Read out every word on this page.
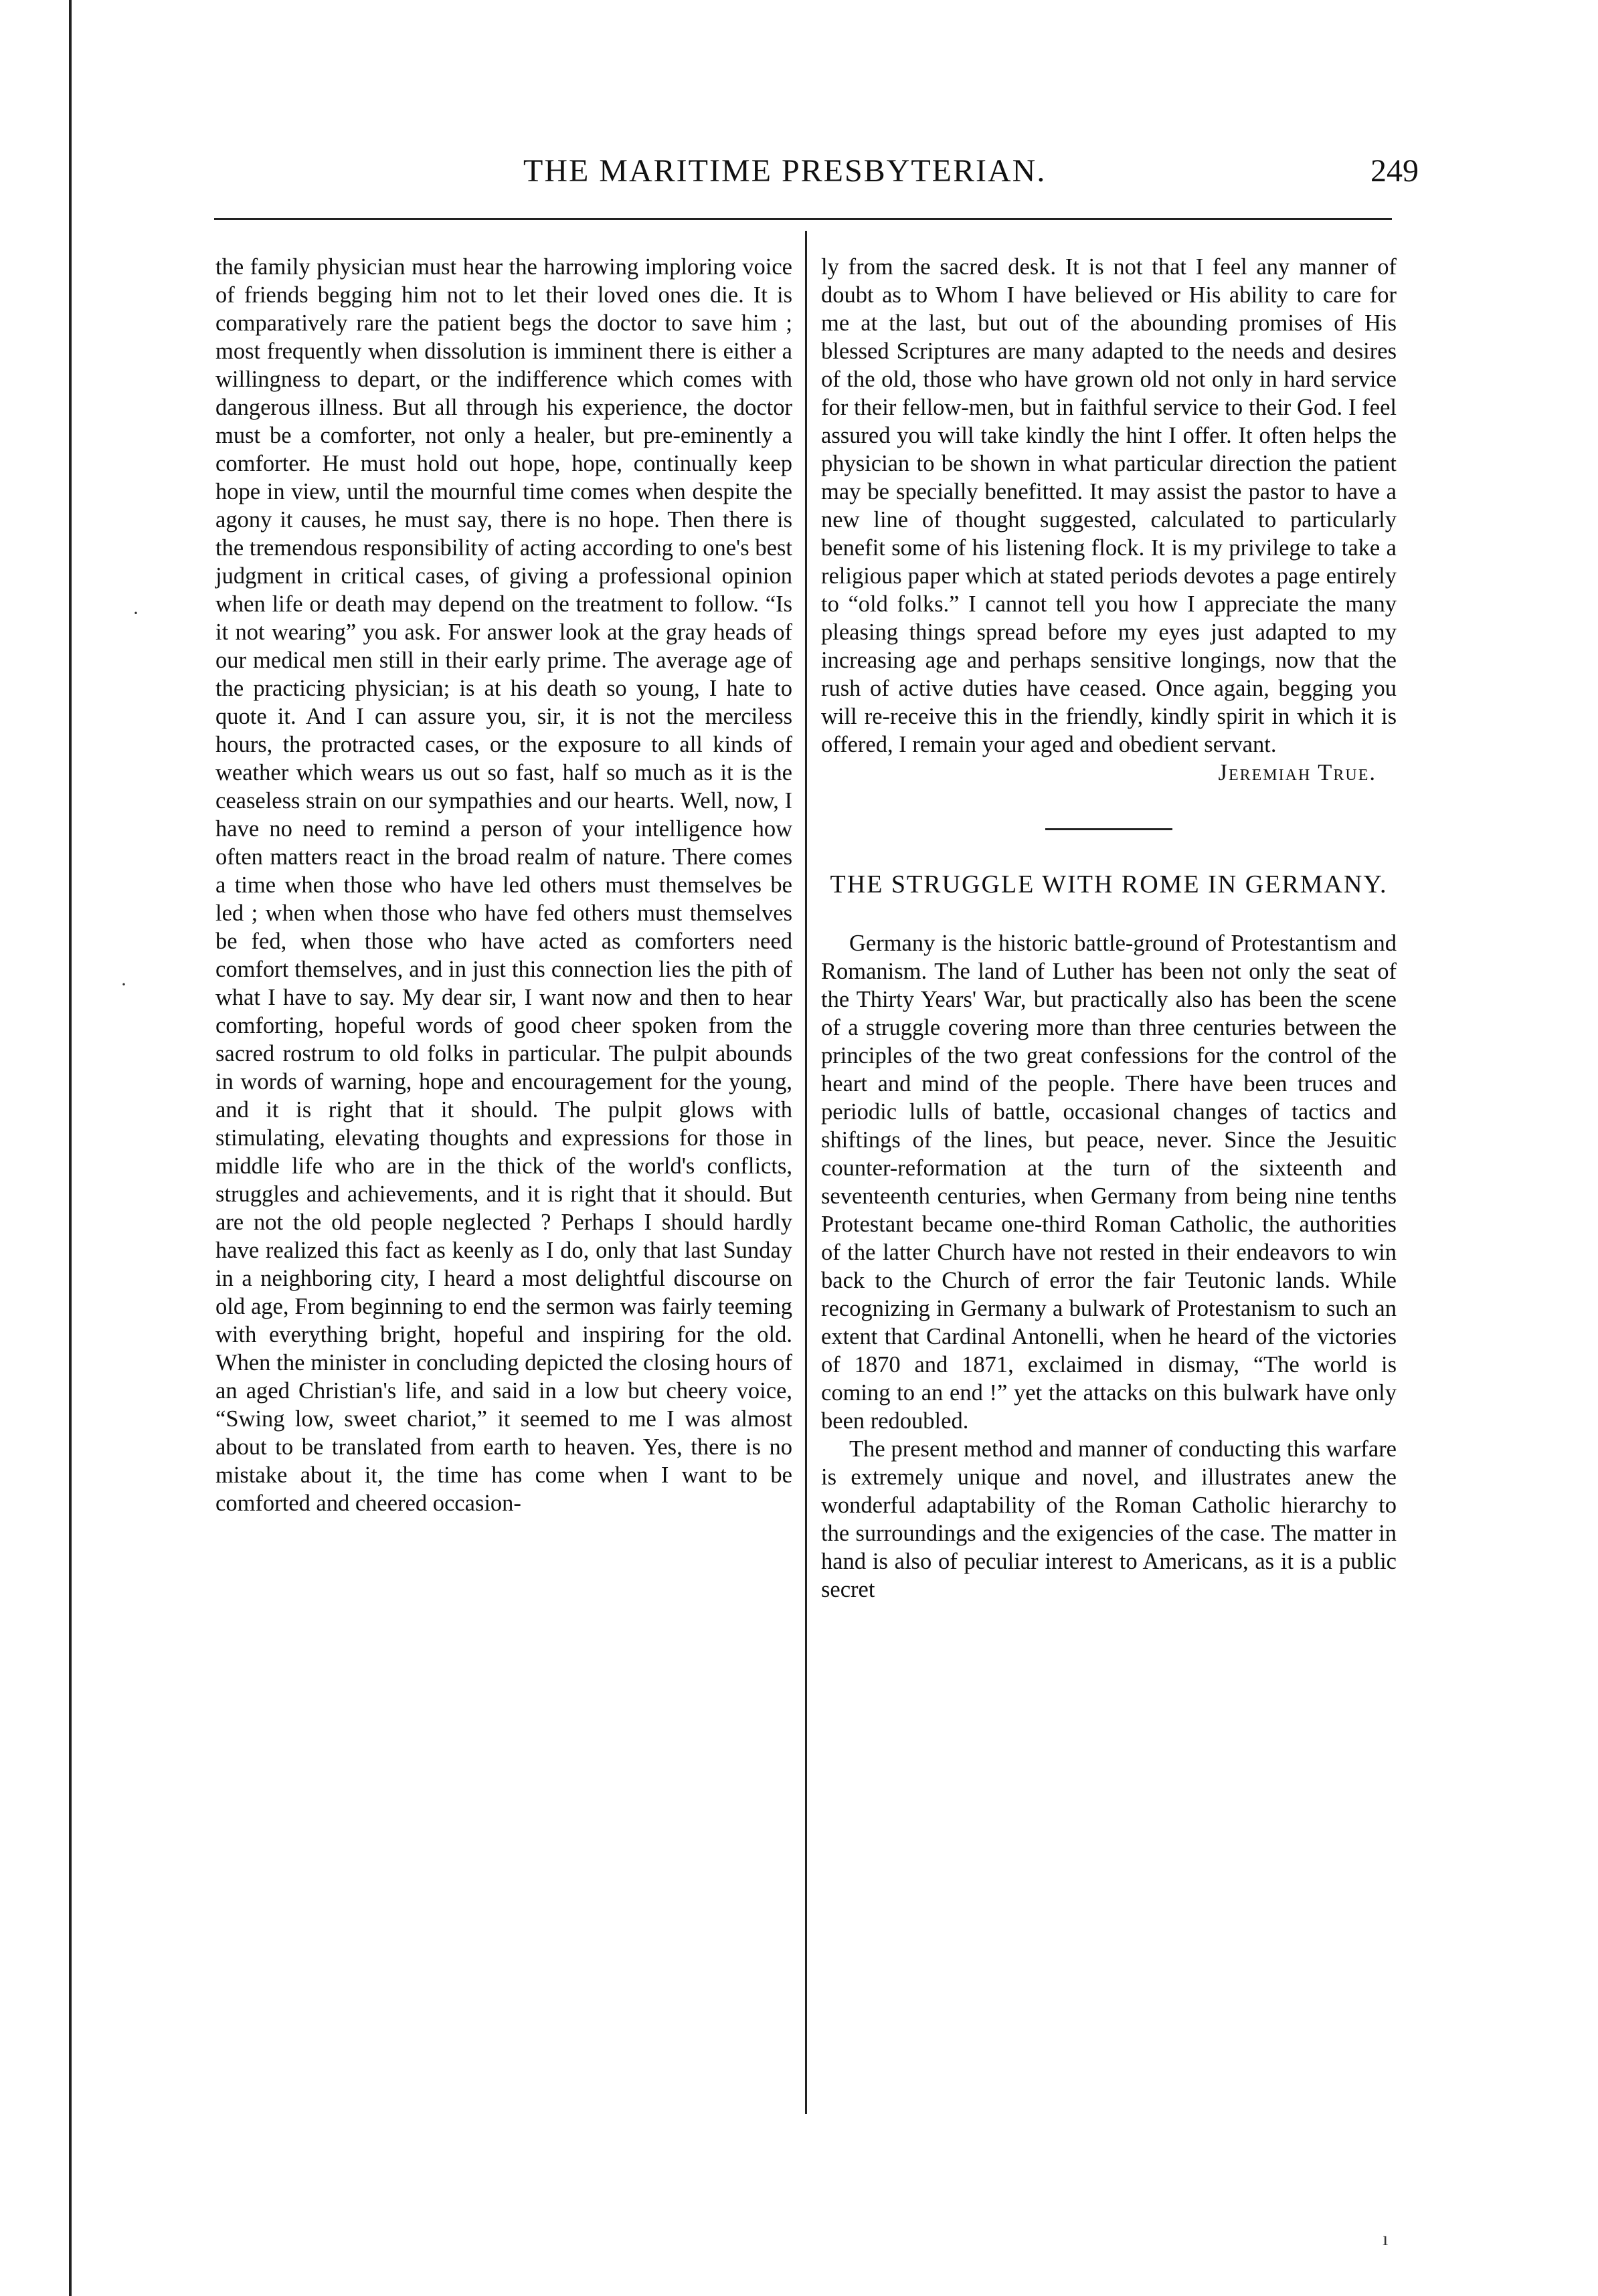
THE MARITIME PRESBYTERIAN.	249

the family physician must hear the harrowing imploring voice of friends begging him not to let their loved ones die. It is comparatively rare the patient begs the doctor to save him ; most frequently when dissolution is imminent there is either a willingness to depart, or the indifference which comes with dangerous illness. But all through his experience, the doctor must be a comforter, not only a healer, but pre-eminently a comforter. He must hold out hope, hope, continually keep hope in view, until the mournful time comes when despite the agony it causes, he must say, there is no hope. Then there is the tremendous responsibility of acting according to one's best judgment in critical cases, of giving a professional opinion when life or death may depend on the treatment to follow. “Is it not wearing” you ask. For answer look at the gray heads of our medical men still in their early prime. The average age of the practicing physician; is at his death so young, I hate to quote it. And I can assure you, sir, it is not the merciless hours, the protracted cases, or the exposure to all kinds of weather which wears us out so fast, half so much as it is the ceaseless strain on our sympathies and our hearts. Well, now, I have no need to remind a person of your intelligence how often matters react in the broad realm of nature. There comes a time when those who have led others must themselves be led ; when when those who have fed others must themselves be fed, when those who have acted as comforters need comfort themselves, and in just this connection lies the pith of what I have to say. My dear sir, I want now and then to hear comforting, hopeful words of good cheer spoken from the sacred rostrum to old folks in particular. The pulpit abounds in words of warning, hope and encouragement for the young, and it is right that it should. The pulpit glows with stimulating, elevating thoughts and expressions for those in middle life who are in the thick of the world's conflicts, struggles and achievements, and it is right that it should. But are not the old people neglected ? Perhaps I should hardly have realized this fact as keenly as I do, only that last Sunday in a neighboring city, I heard a most delightful discourse on old age, From beginning to end the sermon was fairly teeming with everything bright, hopeful and inspiring for the old. When the minister in concluding depicted the closing hours of an aged Christian's life, and said in a low but cheery voice, “Swing low, sweet chariot,” it seemed to me I was almost about to be translated from earth to heaven. Yes, there is no mistake about it, the time has come when I want to be comforted and cheered occasion-

ly from the sacred desk. It is not that I feel any manner of doubt as to Whom I have believed or His ability to care for me at the last, but out of the abounding promises of His blessed Scriptures are many adapted to the needs and desires of the old, those who have grown old not only in hard service for their fellow-men, but in faithful service to their God. I feel assured you will take kindly the hint I offer. It often helps the physician to be shown in what particular direction the patient may be specially benefitted. It may assist the pastor to have a new line of thought suggested, calculated to particularly benefit some of his listening flock. It is my privilege to take a religious paper which at stated periods devotes a page entirely to “old folks.” I cannot tell you how I appreciate the many pleasing things spread before my eyes just adapted to my increasing age and perhaps sensitive longings, now that the rush of active duties have ceased. Once again, begging you will re-receive this in the friendly, kindly spirit in which it is offered, I remain your aged and obedient servant.

Jeremiah True.

THE STRUGGLE WITH ROME IN GERMANY.

Germany is the historic battle-ground of Protestantism and Romanism. The land of Luther has been not only the seat of the Thirty Years' War, but practically also has been the scene of a struggle covering more than three centuries between the principles of the two great confessions for the control of the heart and mind of the people. There have been truces and periodic lulls of battle, occasional changes of tactics and shiftings of the lines, but peace, never. Since the Jesuitic counter-reformation at the turn of the sixteenth and seventeenth centuries, when Germany from being nine tenths Protestant became one-third Roman Catholic, the authorities of the latter Church have not rested in their endeavors to win back to the Church of error the fair Teutonic lands. While recognizing in Germany a bulwark of Protestanism to such an extent that Cardinal Antonelli, when he heard of the victories of 1870 and 1871, exclaimed in dismay, “The world is coming to an end !” yet the attacks on this bulwark have only been redoubled.

The present method and manner of conducting this warfare is extremely unique and novel, and illustrates anew the wonderful adaptability of the Roman Catholic hierarchy to the surroundings and the exigencies of the case. The matter in hand is also of peculiar interest to Americans, as it is a public secret

·
·
ı
